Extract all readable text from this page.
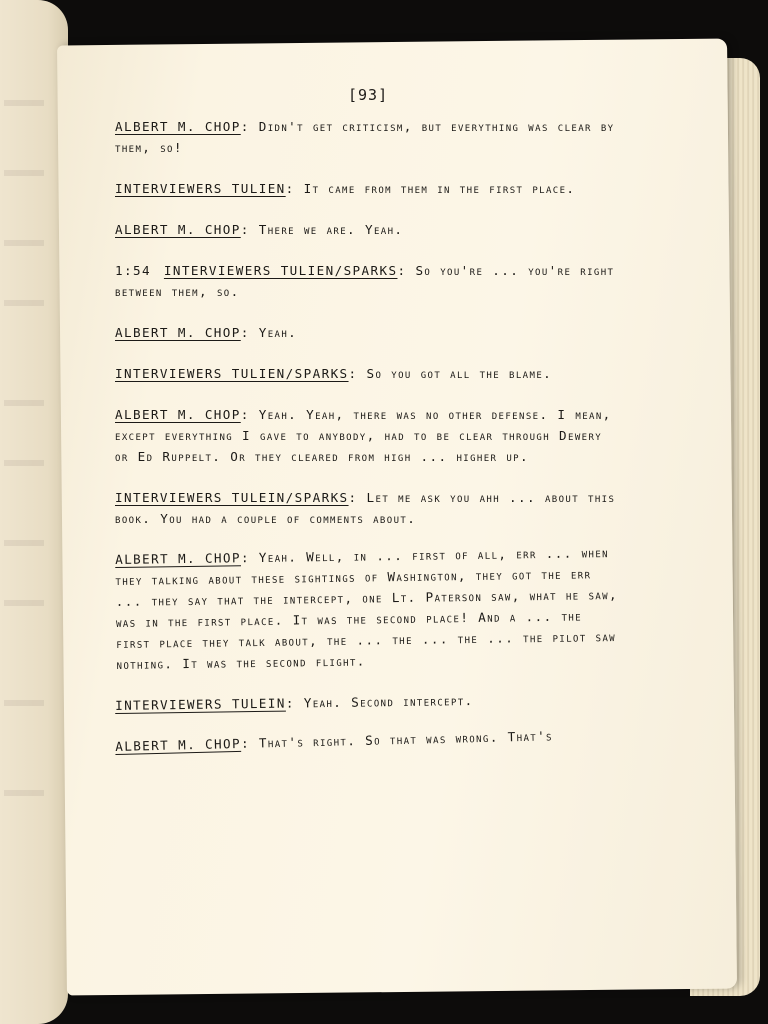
[93]
ALBERT M. CHOP: Didn't get criticism, but everything was clear by them, so!
INTERVIEWERS TULIEN: It came from them in the first place.
ALBERT M. CHOP: There we are. Yeah.
1:54 INTERVIEWERS TULIEN/SPARKS: So you're ... you're right between them, so.
ALBERT M. CHOP: Yeah.
INTERVIEWERS TULIEN/SPARKS: So you got all the blame.
ALBERT M. CHOP: Yeah. Yeah, there was no other defense. I mean, except everything I gave to anybody, had to be clear through Dewery or Ed Ruppelt. Or they cleared from high ... higher up.
INTERVIEWERS TULEIN/SPARKS: Let me ask you ahh ... about this book. You had a couple of comments about.
ALBERT M. CHOP: Yeah. Well, in ... first of all, err ... when they talking about these sightings of Washington, they got the err ... they say that the intercept, one Lt. Paterson saw, what he saw, was in the first place. It was the second place! And a ... the first place they talk about, the ... the ... the ... the pilot saw nothing. It was the second flight.
INTERVIEWERS TULEIN: Yeah. Second intercept.
ALBERT M. CHOP: That's right. So that was wrong. That's
